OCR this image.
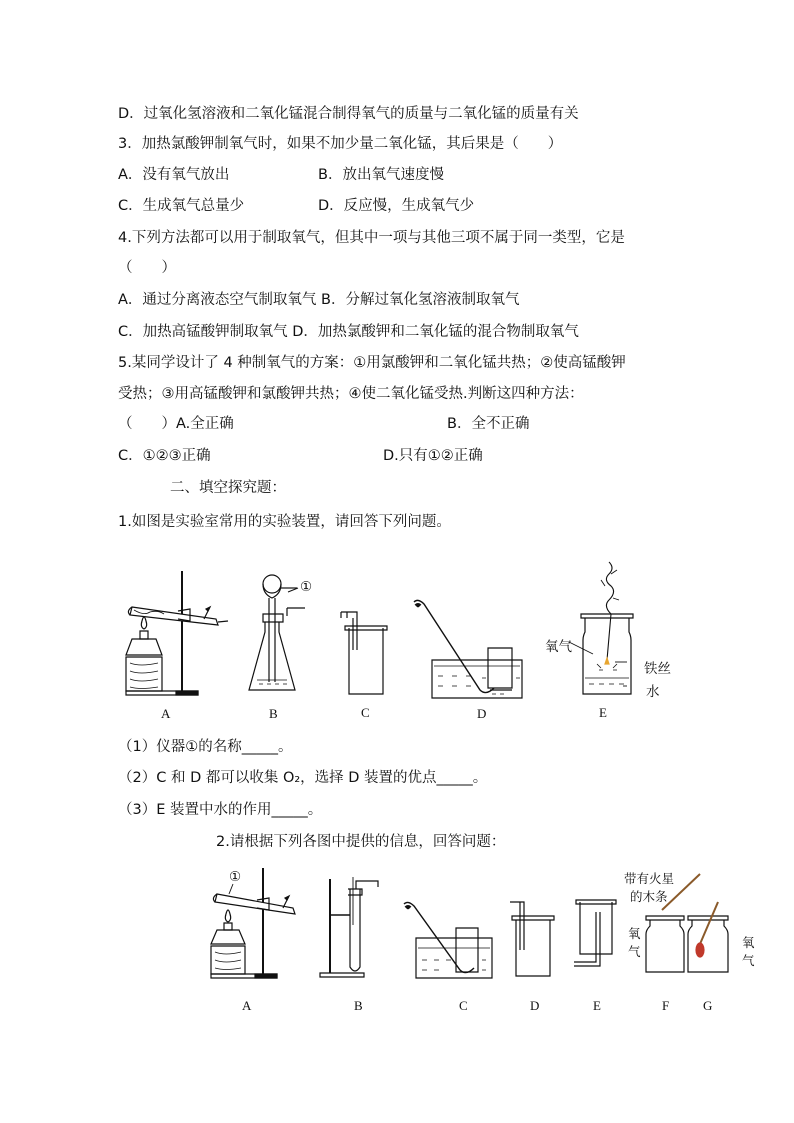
D．过氧化氢溶液和二氧化锰混合制得氧气的质量与二氧化锰的质量有关
3．加热氯酸钾制氧气时，如果不加少量二氧化锰，其后果是（　　）
A．没有氧气放出	B．放出氧气速度慢
C．生成氧气总量少	D．反应慢，生成氧气少
4.下列方法都可以用于制取氧气，但其中一项与其他三项不属于同一类型，它是
（　　）
A．通过分离液态空气制取氧气 B．分解过氧化氢溶液制取氧气
C．加热高锰酸钾制取氧气 D．加热氯酸钾和二氧化锰的混合物制取氧气
5.某同学设计了 4 种制氧气的方案：①用氯酸钾和二氧化锰共热；②使高锰酸钾
受热；③用高锰酸钾和氯酸钾共热；④使二氧化锰受热.判断这四种方法：
（　　）A.全正确	B．全不正确
C．①②③正确	D.只有①②正确
二、填空探究题：
1.如图是实验室常用的实验装置，请回答下列问题。
A
①
B	C	D
氧气
铁丝
水
E
（1）仪器①的名称_____。
（2）C 和 D 都可以收集 O₂，选择 D 装置的优点_____。
（3）E 装置中水的作用_____。
2.请根据下列各图中提供的信息，回答问题：
①
A	B	C	D	E
带有火星
的木条
氧
气
氧
气
F	G
